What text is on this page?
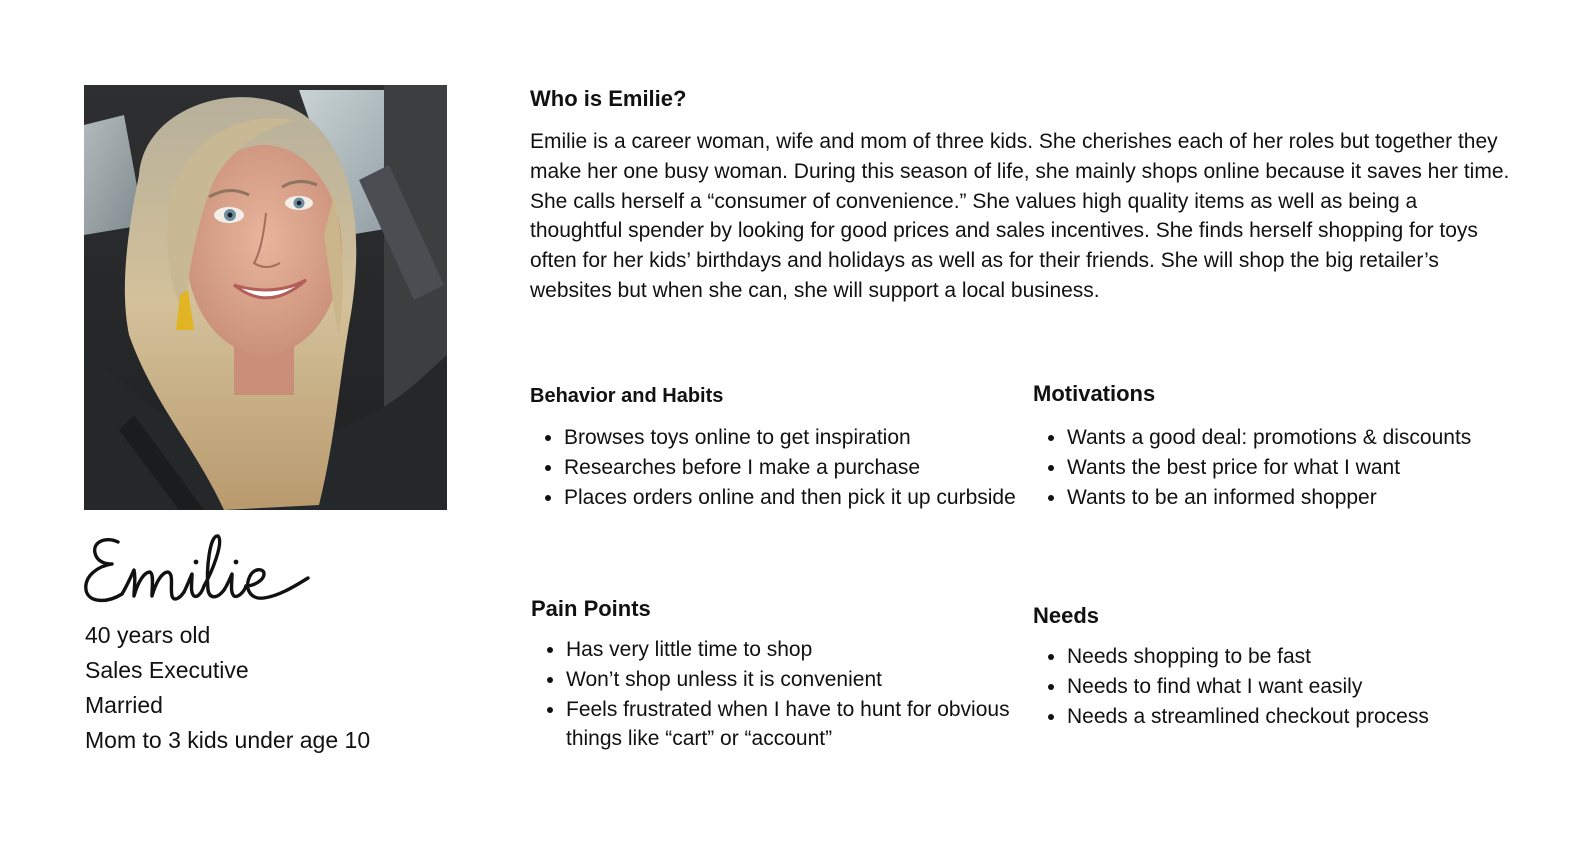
40 years old
Sales Executive
Married
Mom to 3 kids under age 10
Who is Emilie?

Emilie is a career woman, wife and mom of three kids. She cherishes each of her roles but together they make her one busy woman. During this season of life, she mainly shops online because it saves her time. She calls herself a “consumer of convenience.” She values high quality items as well as being a thoughtful spender by looking for good prices and sales incentives. She finds herself shopping for toys often for her kids’ birthdays and holidays as well as for their friends. She will shop the big retailer’s websites but when she can, she will support a local business.

Behavior and Habits
• Browses toys online to get inspiration
• Researches before I make a purchase
• Places orders online and then pick it up curbside
Motivations
• Wants a good deal: promotions & discounts
• Wants the best price for what I want
• Wants to be an informed shopper
Pain Points
• Has very little time to shop
• Won’t shop unless it is convenient
• Feels frustrated when I have to hunt for obvious things like “cart” or “account”
Needs
• Needs shopping to be fast
• Needs to find what I want easily
• Needs a streamlined checkout process
